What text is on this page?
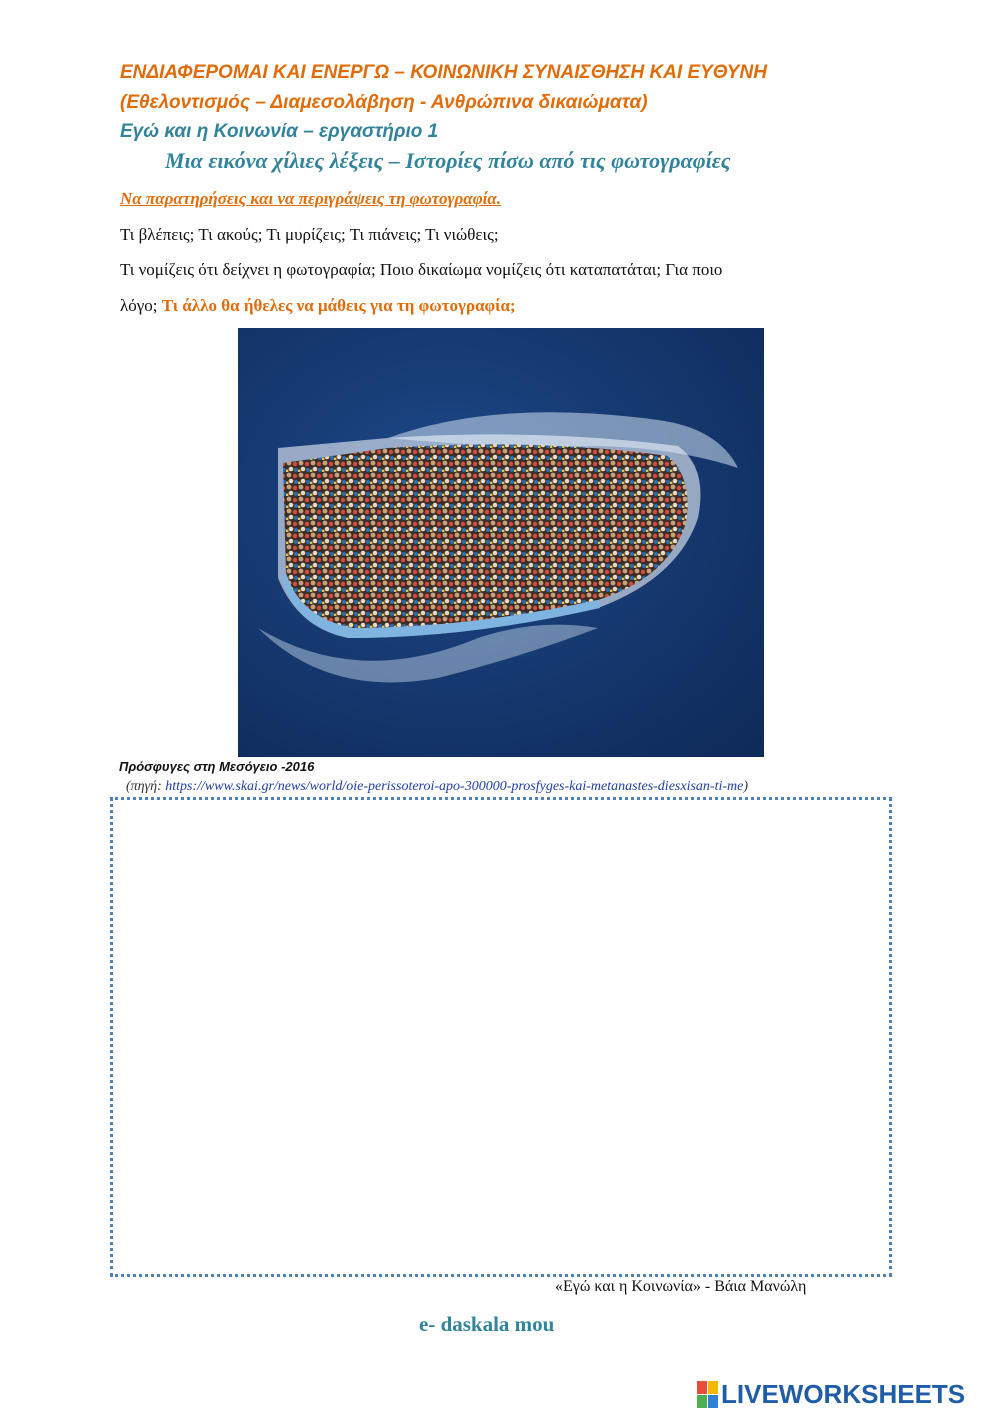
ΕΝΔΙΑΦΕΡΟΜΑΙ ΚΑΙ ΕΝΕΡΓΩ – ΚΟΙΝΩΝΙΚΗ ΣΥΝΑΙΣΘΗΣΗ ΚΑΙ ΕΥΘΥΝΗ
(Εθελοντισμός – Διαμεσολάβηση - Ανθρώπινα δικαιώματα)
Εγώ και η Κοινωνία – εργαστήριο 1
Μια εικόνα χίλιες λέξεις – Ιστορίες πίσω από τις φωτογραφίες
Να παρατηρήσεις και να περιγράψεις τη φωτογραφία.
Τι βλέπεις; Τι ακούς; Τι μυρίζεις; Τι πιάνεις; Τι νιώθεις;
Τι νομίζεις ότι δείχνει η φωτογραφία; Ποιο δικαίωμα νομίζεις ότι καταπατάται; Για ποιο
λόγο; Τι άλλο θα ήθελες να μάθεις για τη φωτογραφία;
Πρόσφυγες στη Μεσόγειο -2016
(πηγή: https://www.skai.gr/news/world/oie-perissoteroi-apo-300000-prosfyges-kai-metanastes-diesxisan-ti-me)
«Εγώ και η Κοινωνία» - Βάια Μανώλη
e- daskala mou
LIVEWORKSHEETS
